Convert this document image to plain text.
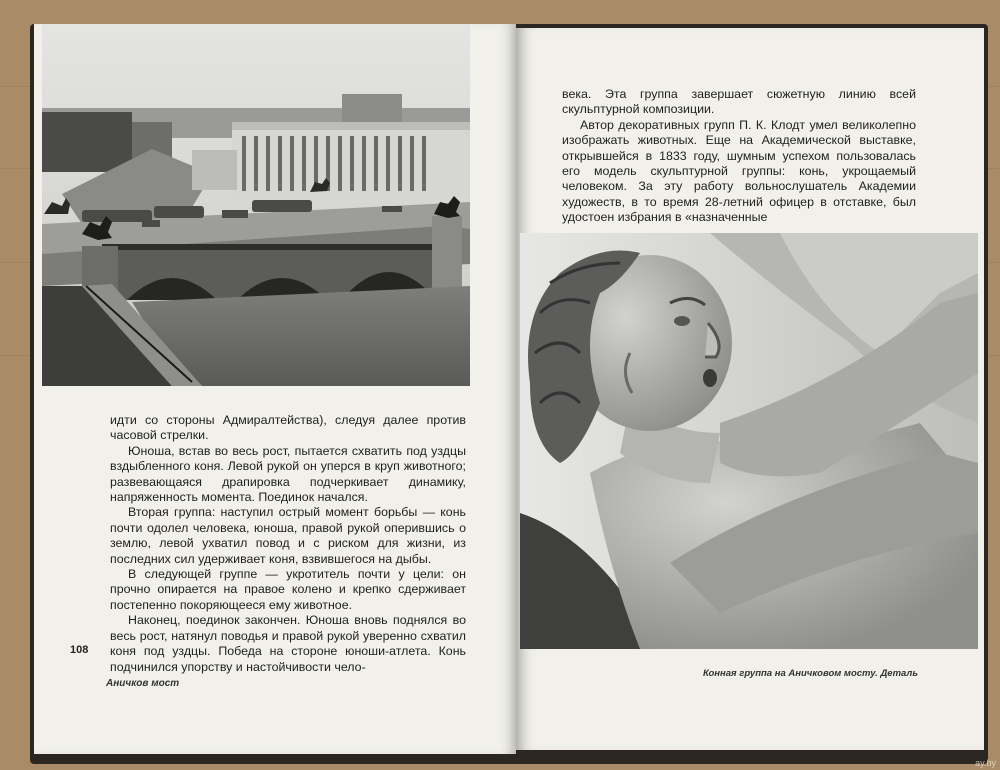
идти со стороны Адмиралтейства), следуя далее против часовой стрелки.

Юноша, встав во весь рост, пытается схватить под уздцы вздыбленного коня. Левой рукой он уперся в круп животного; развевающаяся драпировка подчеркивает динамику, напряженность момента. Поединок начался.

Вторая группа: наступил острый момент борьбы — конь почти одолел человека, юноша, правой рукой оперившись о землю, левой ухватил повод и с риском для жизни, из последних сил удерживает коня, взвившегося на дыбы.

В следующей группе — укротитель почти у цели: он прочно опирается на правое колено и крепко сдерживает постепенно покоряющееся ему животное.

Наконец, поединок закончен. Юноша вновь поднялся во весь рост, натянул поводья и правой рукой уверенно схватил коня под уздцы. Победа на стороне юноши-атлета. Конь подчинился упорству и настойчивости чело-

108
Аничков мост

века. Эта группа завершает сюжетную линию всей скульптурной композиции.

Автор декоративных групп П. К. Клодт умел великолепно изображать животных. Еще на Академической выставке, открывшейся в 1833 году, шумным успехом пользовалась его модель скульптурной группы: конь, укрощаемый человеком. За эту работу вольнослушатель Академии художеств, в то время 28-летний офицер в отставке, был удостоен избрания в «назначенные

Конная группа на Аничковом мосту. Деталь
ay.by
